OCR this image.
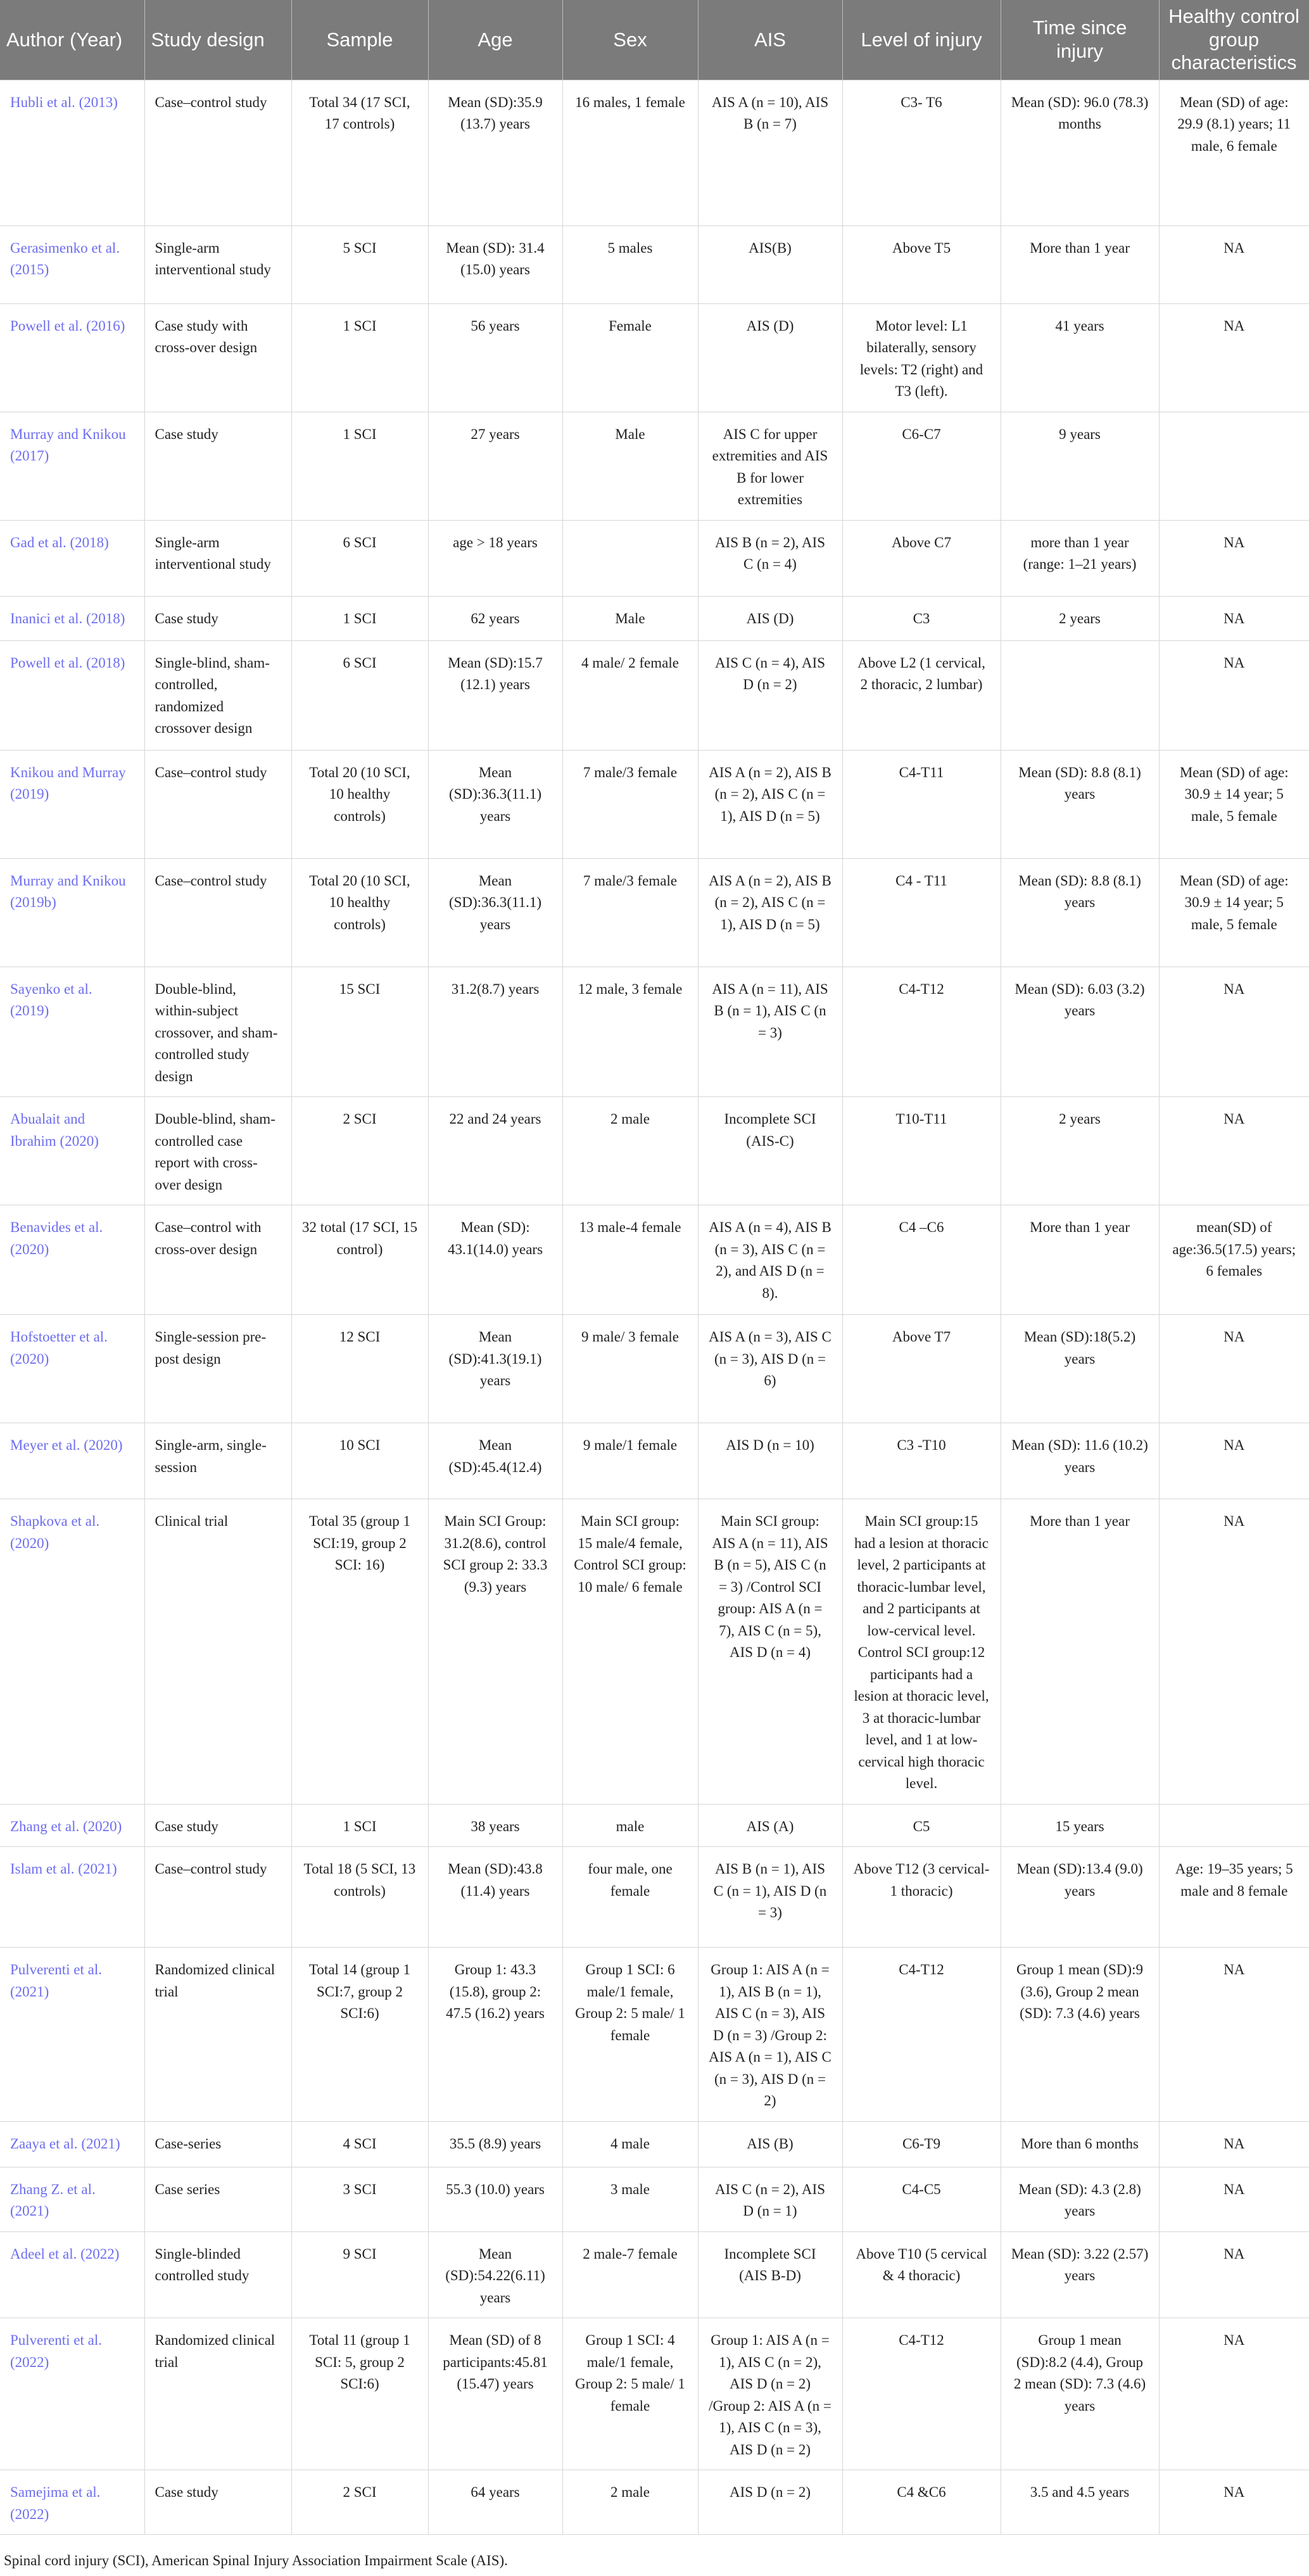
Author (Year)	Study design	Sample	Age	Sex	AIS	Level of injury	Time since injury	Healthy control group characteristics
Hubli et al. (2013)	Case–control study	Total 34 (17 SCI, 17 controls)	Mean (SD):35.9 (13.7) years	16 males, 1 female	AIS A (n = 10), AIS B (n = 7)	C3- T6	Mean (SD): 96.0 (78.3) months	Mean (SD) of age: 29.9 (8.1) years; 11 male, 6 female
Gerasimenko et al. (2015)	Single-arm interventional study	5 SCI	Mean (SD): 31.4 (15.0) years	5 males	AIS(B)	Above T5	More than 1 year	NA
Powell et al. (2016)	Case study with cross-over design	1 SCI	56 years	Female	AIS (D)	Motor level: L1 bilaterally, sensory levels: T2 (right) and T3 (left).	41 years	NA
Murray and Knikou (2017)	Case study	1 SCI	27 years	Male	AIS C for upper extremities and AIS B for lower extremities	C6-C7	9 years	
Gad et al. (2018)	Single-arm interventional study	6 SCI	age > 18 years		AIS B (n = 2), AIS C (n = 4)	Above C7	more than 1 year (range: 1–21 years)	NA
Inanici et al. (2018)	Case study	1 SCI	62 years	Male	AIS (D)	C3	2 years	NA
Powell et al. (2018)	Single-blind, sham-controlled, randomized crossover design	6 SCI	Mean (SD):15.7 (12.1) years	4 male/ 2 female	AIS C (n = 4), AIS D (n = 2)	Above L2 (1 cervical, 2 thoracic, 2 lumbar)		NA
Knikou and Murray (2019)	Case–control study	Total 20 (10 SCI, 10 healthy controls)	Mean (SD):36.3(11.1) years	7 male/3 female	AIS A (n = 2), AIS B (n = 2), AIS C (n = 1), AIS D (n = 5)	C4-T11	Mean (SD): 8.8 (8.1) years	Mean (SD) of age: 30.9 ± 14 year; 5 male, 5 female
Murray and Knikou (2019b)	Case–control study	Total 20 (10 SCI, 10 healthy controls)	Mean (SD):36.3(11.1) years	7 male/3 female	AIS A (n = 2), AIS B (n = 2), AIS C (n = 1), AIS D (n = 5)	C4 - T11	Mean (SD): 8.8 (8.1) years	Mean (SD) of age: 30.9 ± 14 year; 5 male, 5 female
Sayenko et al. (2019)	Double-blind, within-subject crossover, and sham-controlled study design	15 SCI	31.2(8.7) years	12 male, 3 female	AIS A (n = 11), AIS B (n = 1), AIS C (n = 3)	C4-T12	Mean (SD): 6.03 (3.2) years	NA
Abualait and Ibrahim (2020)	Double-blind, sham-controlled case report with cross-over design	2 SCI	22 and 24 years	2 male	Incomplete SCI (AIS-C)	T10-T11	2 years	NA
Benavides et al. (2020)	Case–control with cross-over design	32 total (17 SCI, 15 control)	Mean (SD): 43.1(14.0) years	13 male-4 female	AIS A (n = 4), AIS B (n = 3), AIS C (n = 2), and AIS D (n = 8).	C4 –C6	More than 1 year	mean(SD) of age:36.5(17.5) years; 6 females
Hofstoetter et al. (2020)	Single-session pre-post design	12 SCI	Mean (SD):41.3(19.1) years	9 male/ 3 female	AIS A (n = 3), AIS C (n = 3), AIS D (n = 6)	Above T7	Mean (SD):18(5.2) years	NA
Meyer et al. (2020)	Single-arm, single-session	10 SCI	Mean (SD):45.4(12.4)	9 male/1 female	AIS D (n = 10)	C3 -T10	Mean (SD): 11.6 (10.2) years	NA
Shapkova et al. (2020)	Clinical trial	Total 35 (group 1 SCI:19, group 2 SCI: 16)	Main SCI Group: 31.2(8.6), control SCI group 2: 33.3 (9.3) years	Main SCI group: 15 male/4 female, Control SCI group: 10 male/ 6 female	Main SCI group: AIS A (n = 11), AIS B (n = 5), AIS C (n = 3) /Control SCI group: AIS A (n = 7), AIS C (n = 5), AIS D (n = 4)	Main SCI group:15 had a lesion at thoracic level, 2 participants at thoracic-lumbar level, and 2 participants at low-cervical level. Control SCI group:12 participants had a lesion at thoracic level, 3 at thoracic-lumbar level, and 1 at low-cervical high thoracic level.	More than 1 year	NA
Zhang et al. (2020)	Case study	1 SCI	38 years	male	AIS (A)	C5	15 years	
Islam et al. (2021)	Case–control study	Total 18 (5 SCI, 13 controls)	Mean (SD):43.8 (11.4) years	four male, one female	AIS B (n = 1), AIS C (n = 1), AIS D (n = 3)	Above T12 (3 cervical-1 thoracic)	Mean (SD):13.4 (9.0) years	Age: 19–35 years; 5 male and 8 female
Pulverenti et al. (2021)	Randomized clinical trial	Total 14 (group 1 SCI:7, group 2 SCI:6)	Group 1: 43.3 (15.8), group 2: 47.5 (16.2) years	Group 1 SCI: 6 male/1 female, Group 2: 5 male/ 1 female	Group 1: AIS A (n = 1), AIS B (n = 1), AIS C (n = 3), AIS D (n = 3) /Group 2: AIS A (n = 1), AIS C (n = 3), AIS D (n = 2)	C4-T12	Group 1 mean (SD):9 (3.6), Group 2 mean (SD): 7.3 (4.6) years	NA
Zaaya et al. (2021)	Case-series	4 SCI	35.5 (8.9) years	4 male	AIS (B)	C6-T9	More than 6 months	NA
Zhang Z. et al. (2021)	Case series	3 SCI	55.3 (10.0) years	3 male	AIS C (n = 2), AIS D (n = 1)	C4-C5	Mean (SD): 4.3 (2.8) years	NA
Adeel et al. (2022)	Single-blinded controlled study	9 SCI	Mean (SD):54.22(6.11) years	2 male-7 female	Incomplete SCI (AIS B-D)	Above T10 (5 cervical & 4 thoracic)	Mean (SD): 3.22 (2.57) years	NA
Pulverenti et al. (2022)	Randomized clinical trial	Total 11 (group 1 SCI: 5, group 2 SCI:6)	Mean (SD) of 8 participants:45.81 (15.47) years	Group 1 SCI: 4 male/1 female, Group 2: 5 male/ 1 female	Group 1: AIS A (n = 1), AIS C (n = 2), AIS D (n = 2) /Group 2: AIS A (n = 1), AIS C (n = 3), AIS D (n = 2)	C4-T12	Group 1 mean (SD):8.2 (4.4), Group 2 mean (SD): 7.3 (4.6) years	NA
Samejima et al. (2022)	Case study	2 SCI	64 years	2 male	AIS D (n = 2)	C4 &C6	3.5 and 4.5 years	NA
Spinal cord injury (SCI), American Spinal Injury Association Impairment Scale (AIS).
